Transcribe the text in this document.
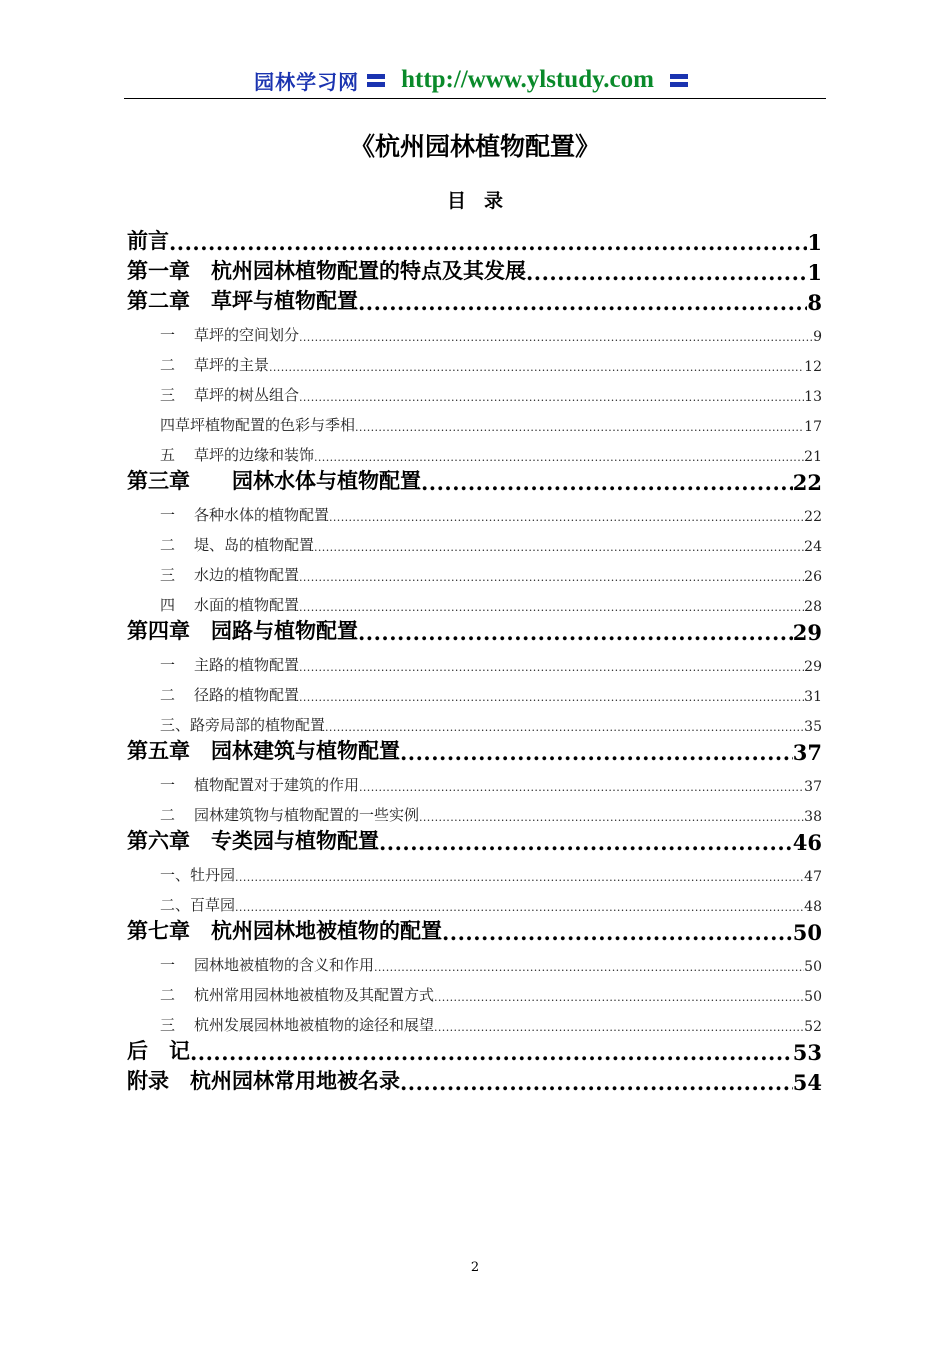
园林学习网 http://www.ylstudy.com
《杭州园林植物配置》
目录
前言 .....	1
第一章　杭州园林植物配置的特点及其发展 .....	1
第二章　草坪与植物配置 .....	8
一 草坪的空间划分 .....	9
二 草坪的主景 .....	12
三 草坪的树丛组合 .....	13
四草坪植物配置的色彩与季相 .....	17
五 草坪的边缘和装饰 .....	21
第三章　　园林水体与植物配置 .....	22
一 各种水体的植物配置 .....	22
二 堤、岛的植物配置 .....	24
三 水边的植物配置 .....	26
四 水面的植物配置 .....	28
第四章　园路与植物配置 .....	29
一 主路的植物配置 .....	29
二 径路的植物配置 .....	31
三、路旁局部的植物配置 .....	35
第五章　园林建筑与植物配置 .....	37
一 植物配置对于建筑的作用 .....	37
二 园林建筑物与植物配置的一些实例 .....	38
第六章　专类园与植物配置 .....	46
一、牡丹园 .....	47
二、百草园 .....	48
第七章　杭州园林地被植物的配置 .....	50
一 园林地被植物的含义和作用 .....	50
二 杭州常用园林地被植物及其配置方式 .....	50
三 杭州发展园林地被植物的途径和展望 .....	52
后　记 .....	53
附录　杭州园林常用地被名录 .....	54
2
